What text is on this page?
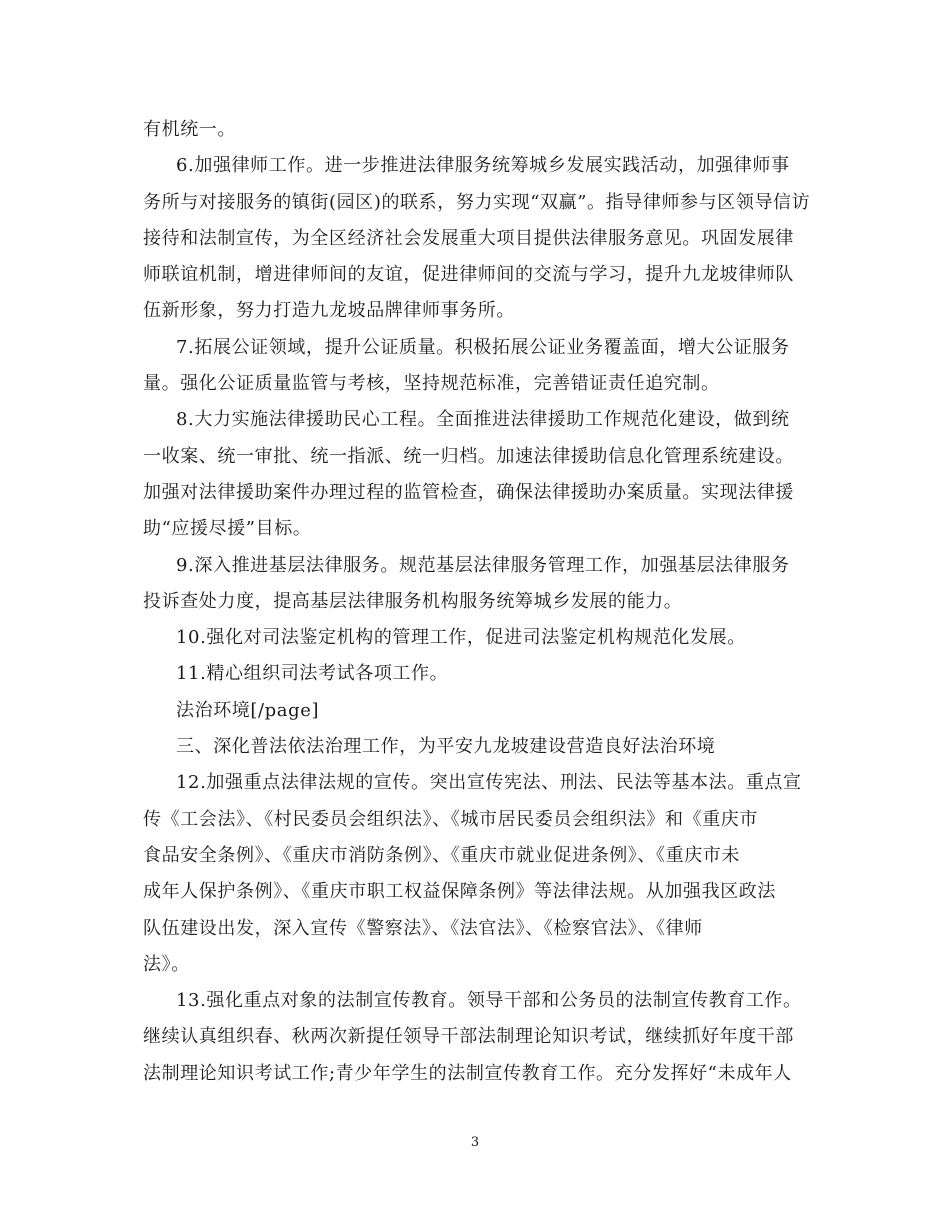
有机统一。
6.加强律师工作。进一步推进法律服务统筹城乡发展实践活动，加强律师事
务所与对接服务的镇街(园区)的联系，努力实现“双赢”。指导律师参与区领导信访
接待和法制宣传，为全区经济社会发展重大项目提供法律服务意见。巩固发展律
师联谊机制，增进律师间的友谊，促进律师间的交流与学习，提升九龙坡律师队
伍新形象，努力打造九龙坡品牌律师事务所。
7.拓展公证领域，提升公证质量。积极拓展公证业务覆盖面，增大公证服务
量。强化公证质量监管与考核，坚持规范标准，完善错证责任追究制。
8.大力实施法律援助民心工程。全面推进法律援助工作规范化建设，做到统
一收案、统一审批、统一指派、统一归档。加速法律援助信息化管理系统建设。
加强对法律援助案件办理过程的监管检查，确保法律援助办案质量。实现法律援
助“应援尽援”目标。
9.深入推进基层法律服务。规范基层法律服务管理工作，加强基层法律服务
投诉查处力度，提高基层法律服务机构服务统筹城乡发展的能力。
10.强化对司法鉴定机构的管理工作，促进司法鉴定机构规范化发展。
11.精心组织司法考试各项工作。
法治环境[/page]
三、深化普法依法治理工作，为平安九龙坡建设营造良好法治环境
12.加强重点法律法规的宣传。突出宣传宪法、刑法、民法等基本法。重点宣
传《工会法》、《村民委员会组织法》、《城市居民委员会组织法》和《重庆市
食品安全条例》、《重庆市消防条例》、《重庆市就业促进条例》、《重庆市未
成年人保护条例》、《重庆市职工权益保障条例》等法律法规。从加强我区政法
队伍建设出发，深入宣传《警察法》、《法官法》、《检察官法》、《律师
法》。
13.强化重点对象的法制宣传教育。领导干部和公务员的法制宣传教育工作。
继续认真组织春、秋两次新提任领导干部法制理论知识考试，继续抓好年度干部
法制理论知识考试工作;青少年学生的法制宣传教育工作。充分发挥好“未成年人
3
